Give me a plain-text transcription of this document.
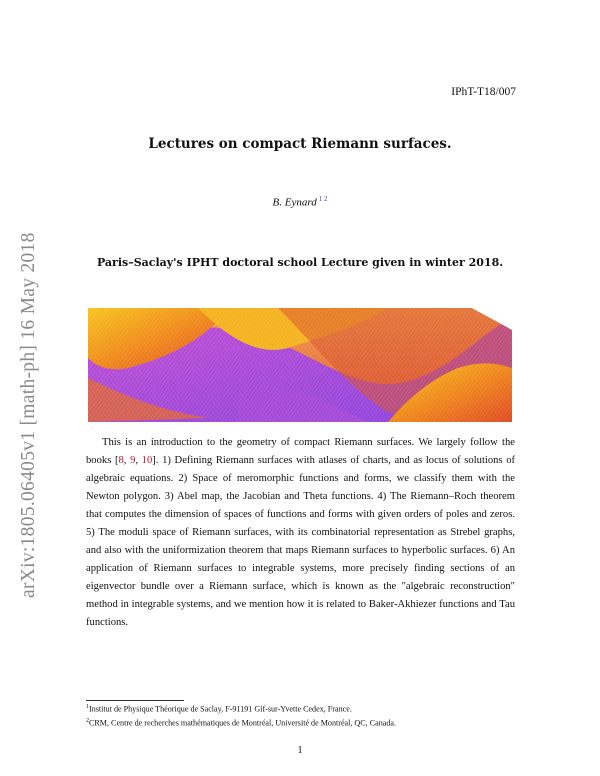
arXiv:1805.06405v1 [math-ph] 16 May 2018
IPhT-T18/007
Lectures on compact Riemann surfaces.
B. Eynard $^{1 2}$
Paris–Saclay's IPHT doctoral school Lecture given in winter 2018.

This is an introduction to the geometry of compact Riemann surfaces. We largely follow the books [8, 9, 10]. 1) Defining Riemann surfaces with atlases of charts, and as locus of solutions of algebraic equations. 2) Space of meromorphic functions and forms, we classify them with the Newton polygon. 3) Abel map, the Jacobian and Theta functions. 4) The Riemann–Roch theorem that computes the dimension of spaces of functions and forms with given orders of poles and zeros. 5) The moduli space of Riemann surfaces, with its combinatorial representation as Strebel graphs, and also with the uniformization theorem that maps Riemann surfaces to hyperbolic surfaces. 6) An application of Riemann surfaces to integrable systems, more precisely finding sections of an eigenvector bundle over a Riemann surface, which is known as the "algebraic reconstruction" method in integrable systems, and we mention how it is related to Baker-Akhiezer functions and Tau functions.

$^1$Institut de Physique Théorique de Saclay, F-91191 Gif-sur-Yvette Cedex, France.
$^2$CRM, Centre de recherches mathématiques de Montréal, Université de Montréal, QC, Canada.
1
